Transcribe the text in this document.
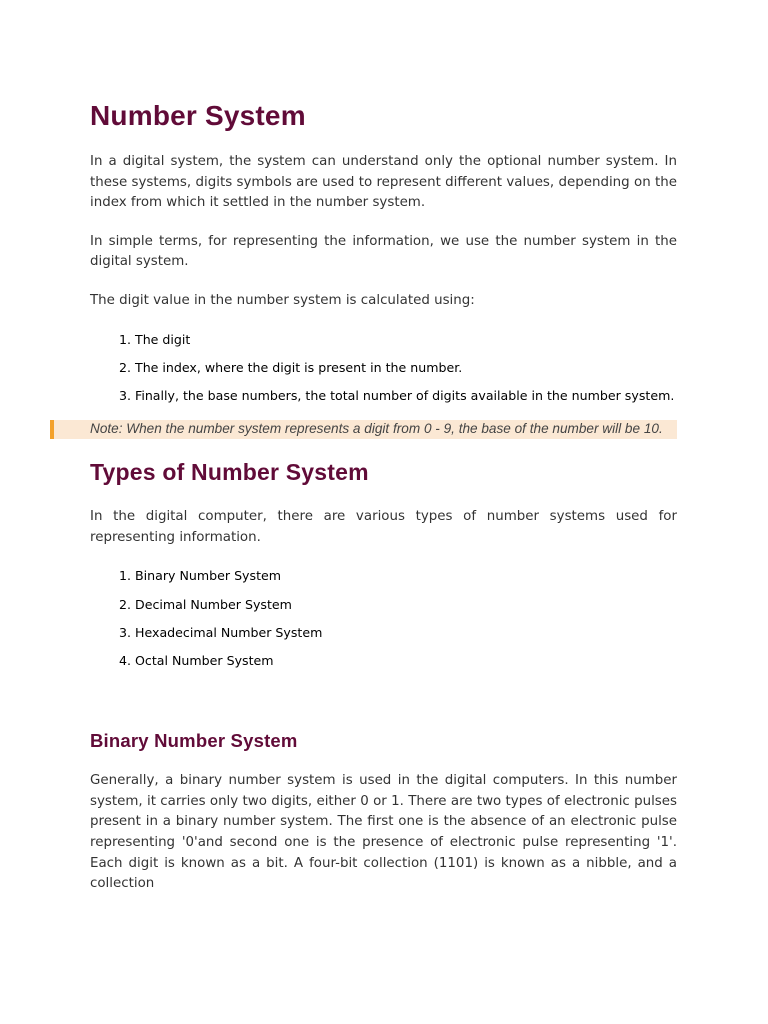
Number System

In a digital system, the system can understand only the optional number system. In these systems, digits symbols are used to represent different values, depending on the index from which it settled in the number system.

In simple terms, for representing the information, we use the number system in the digital system.

The digit value in the number system is calculated using:

1. The digit
2. The index, where the digit is present in the number.
3. Finally, the base numbers, the total number of digits available in the number system.
Note: When the number system represents a digit from 0 - 9, the base of the number will be 10.
Types of Number System

In the digital computer, there are various types of number systems used for representing information.

1. Binary Number System
2. Decimal Number System
3. Hexadecimal Number System
4. Octal Number System
Binary Number System

Generally, a binary number system is used in the digital computers. In this number system, it carries only two digits, either 0 or 1. There are two types of electronic pulses present in a binary number system. The first one is the absence of an electronic pulse representing '0'and second one is the presence of electronic pulse representing '1'. Each digit is known as a bit. A four-bit collection (1101) is known as a nibble, and a collection
